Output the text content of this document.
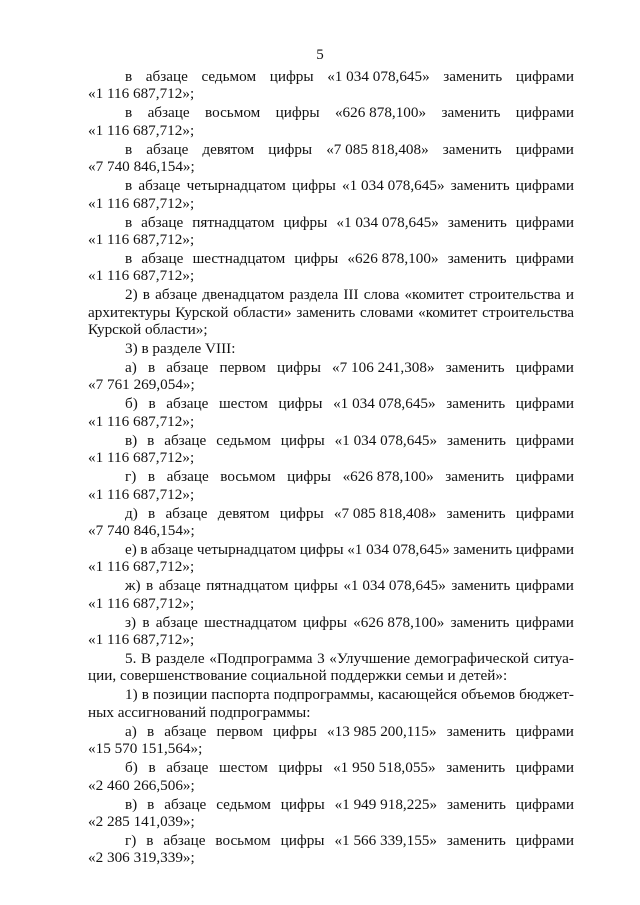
5
в абзаце седьмом цифры «1 034 078,645» заменить цифрами
«1 116 687,712»;
в абзаце восьмом цифры «626 878,100» заменить цифрами
«1 116 687,712»;
в абзаце девятом цифры «7 085 818,408» заменить цифрами
«7 740 846,154»;
в абзаце четырнадцатом цифры «1 034 078,645» заменить цифрами
«1 116 687,712»;
в абзаце пятнадцатом цифры «1 034 078,645» заменить цифрами
«1 116 687,712»;
в абзаце шестнадцатом цифры «626 878,100» заменить цифрами
«1 116 687,712»;
2) в абзаце двенадцатом раздела III слова «комитет строительства и
архитектуры Курской области» заменить словами «комитет строительства
Курской области»;
3) в разделе VIII:
а) в абзаце первом цифры «7 106 241,308» заменить цифрами
«7 761 269,054»;
б) в абзаце шестом цифры «1 034 078,645» заменить цифрами
«1 116 687,712»;
в) в абзаце седьмом цифры «1 034 078,645» заменить цифрами
«1 116 687,712»;
г) в абзаце восьмом цифры «626 878,100» заменить цифрами
«1 116 687,712»;
д) в абзаце девятом цифры «7 085 818,408» заменить цифрами
«7 740 846,154»;
е) в абзаце четырнадцатом цифры «1 034 078,645» заменить цифрами
«1 116 687,712»;
ж) в абзаце пятнадцатом цифры «1 034 078,645» заменить цифрами
«1 116 687,712»;
з) в абзаце шестнадцатом цифры «626 878,100» заменить цифрами
«1 116 687,712»;
5. В разделе «Подпрограмма 3 «Улучшение демографической ситуа-
ции, совершенствование социальной поддержки семьи и детей»:
1) в позиции паспорта подпрограммы, касающейся объемов бюджет-
ных ассигнований подпрограммы:
а) в абзаце первом цифры «13 985 200,115» заменить цифрами
«15 570 151,564»;
б) в абзаце шестом цифры «1 950 518,055» заменить цифрами
«2 460 266,506»;
в) в абзаце седьмом цифры «1 949 918,225» заменить цифрами
«2 285 141,039»;
г) в абзаце восьмом цифры «1 566 339,155» заменить цифрами
«2 306 319,339»;
